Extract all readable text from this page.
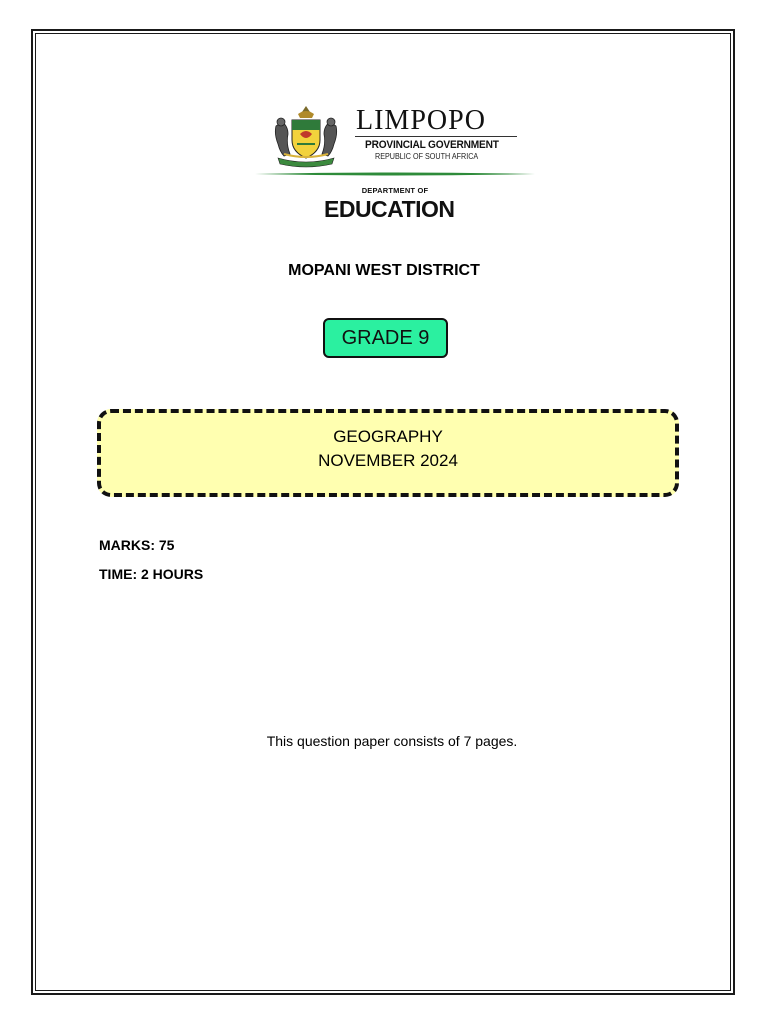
LIMPOPO
PROVINCIAL GOVERNMENT
REPUBLIC OF SOUTH AFRICA
DEPARTMENT OF
EDUCATION
MOPANI WEST DISTRICT
GRADE 9
GEOGRAPHY
NOVEMBER 2024
MARKS: 75
TIME: 2 HOURS
This question paper consists of 7 pages.
